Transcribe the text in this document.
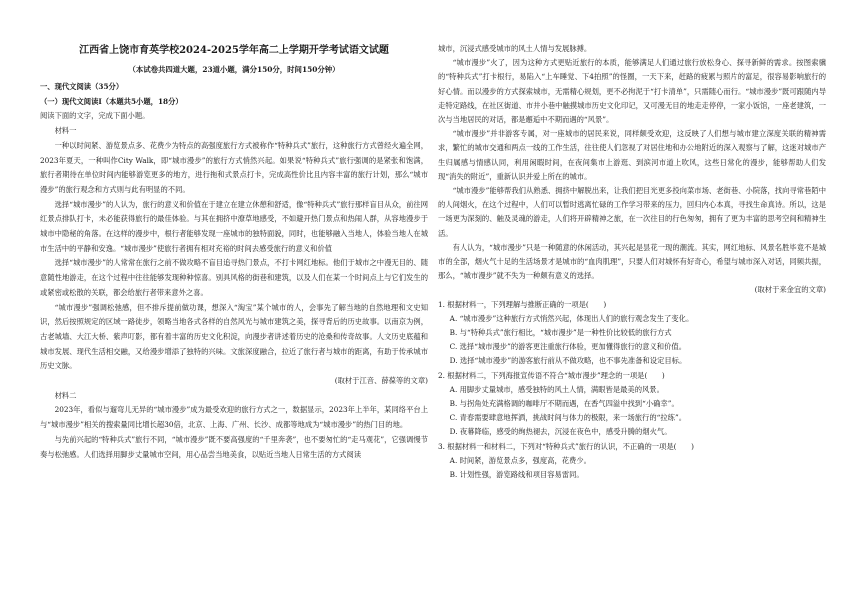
江西省上饶市育英学校2024-2025学年高二上学期开学考试语文试题
（本试卷共四道大题，23道小题，满分150分，时间150分钟）

一、现代文阅读（35分）

（一）现代文阅读Ⅰ（本题共5小题，18分）

阅读下面的文字，完成下面小题。

材料一

一种以时间紧、游览景点多、花费少为特点的高强度旅行方式被称作“特种兵式”旅行，这种旅行方式曾经火遍全网，2023年夏天，一种叫作City Walk，即“城市漫步”的旅行方式悄然兴起。如果说“特种兵式”旅行强调的是紧张和饱满，旅行者期待在单位时间内能够游览更多的地方，进行拖和式景点打卡，完成高性价比且内容丰富的旅行计划，那么“城市漫步”的旅行观念和方式则与此有明显的不同。

选择“城市漫步”的人认为，旅行的意义和价值在于建立在建立休憩和舒适，像“特种兵式”旅行那样盲目从众，前往网红景点排队打卡，未必能获得旅行的最佳体验。与其在拥挤中潦草地感受，不如避开热门景点和热闹人群，从容地漫步于城市中隐秘的角落。在这样的漫步中，根行者能够发现一座城市的独特面貌，同时，也能够融入当地人，体验当地人在城市生活中的平静和安逸。“城市漫步”使旅行者拥有相对充裕的时间去感受旅行的意义和价值

选择“城市漫步”的人常常在旅行之前不做攻略不盲目追寻热门景点，不打卡网红地标。他们于城市之中漫无目的、随意随性地游走，在这个过程中往往能够发现种种惊喜。别具风格的街巷和建筑，以及人们在某一个时间点上与它们发生的或紧密或松散的关联，都会给旅行者带来意外之喜。

“城市漫步”强调松弛感，但不排斥提前做功课，想深入“淘宝”某个城市的人，会事先了解当地的自然地理和文史知识，然后按照规定的区域一路徒步，领略当地各式各样的自然风光与城市建筑之美，探寻背后的历史故事。以南京为例，古老城墙、大江大桥、紫声叮影，都有着丰富的历史文化积淀，向漫步者讲述着历史的沧桑和传奇故事。人文历史底蕴和城市发展、现代生活相交融，又给漫步增添了独特的兴味。文旅深度融合，拉近了旅行者与城市的距离，有助于传承城市历史文脉。

(取材于江音、薛葆等的文章)

材料二

2023年，看似与遛弯儿无异的“城市漫步”成为最受欢迎的旅行方式之一，数据显示，2023年上半年，某同络平台上与“城市漫步”相关的搜索量同比增长超30倍，北京、上海、广州、长沙、成都等地成为“城市漫步”的热门目的地。

与先前兴起的“特种兵式”旅行不同，“城市漫步”既不要高强度的“千里奔袭”，也不要匆忙的“走马观花”，它强调慢节奏与松弛感。人们选择用脚步丈量城市空间，用心品尝当地美食，以贴近当地人日常生活的方式阅读

城市，沉浸式感受城市的风土人情与发展脉搏。

“城市漫步”火了，因为这种方式更贴近旅行的本质，能够满足人们通过旅行放松身心、探寻新鲜的需求。按图索骥的“特种兵式”打卡根行，易陷入“上车睡觉、下4拍照”的怪圈，一天下来，赶路的疲累与照片的富足，很容易影响旅行的好心情。而以漫步的方式探索城市，无需精心规划，更不必拘泥于“打卡清单”，只需随心而行。“城市漫步”既可跟随内导走特定路线，在社区街道、市井小巷中触摸城市历史文化印记，又可漫无目的地走走停停，一家小饭馆，一座老建筑，一次与当地居民的对话，都是邂逅中不期而遇的“风景”。

“城市漫步”并非游客专属，对一座城市的居民来说，同样颇受欢迎，这反映了人们想与城市建立深度关联的精神需求，繁忙的城市交通和两点一线的工作生活，往往使人们忽视了对居住地和办公地附近的深入观察与了解，这迷对城市产生归属感与情感认同，利用闲暇时间，在夜间集市上游逛、到滨河市道上吹风，这些日常化的漫步，能够帮助人们发现“消失的附近”，重新认识并爱上所在的城市。

“城市漫步”能够帮我们从熟悉、拥挤中解脱出来，让我们把目光更多投向菜市场、老街巷、小院落，找向寻常巷陌中的人间烟火，在这个过程中，人们可以暂时逃离忙碌的工作学习带来的压力，回归内心本真，寻找生命真诗。所以，这是一场更为深刻的、触及灵魂的游走，人们将开辟精神之旅，在一次往目的行色匆匆，拥有了更为丰富的思考空间和精神生活。

有人认为，“城市漫步”只是一种随意的休闲活动，其兴起是昙花一现的潮流。其实，网红地标、风景名胜毕竟不是城市的全部，烟火气十足的生活场景才是城市的“血肉肌理”，只要人们对城怀有好奇心，希望与城市深入对话，同频共振，那么，“城市漫步”就不失为一种颇有意义的选择。

(取材于来金宜的文章)

1. 根据材料一，下列理解与推断正确的一项是(　　)

A. “城市漫步”这种旅行方式悄然兴起，体现出人们的旅行观念发生了变化。

B. 与“特种兵式”旅行相比，“城市漫步”是一种性价比较低的旅行方式

C. 选择“城市漫步”的游客更注重旅行体验，更加懂得旅行的意义和价值。

D. 选择“城市漫步”的游客旅行前从不做攻略，也不事先准备和设定目标。

2. 根据材料二，下列海报宣传语不符合“城市漫步”理念的一项是(　　)

A. 用脚步丈量城市，感受独特的风土人情，满眼皆是最美的风景。

B. 与拐角处充满格调的咖啡厅不期而遇，在香气四溢中找到“小确幸”。

C. 青春需要肆意地挥洒，挑战时间与体力的极限，来一场旅行的“拉练”。

D. 夜幕降临，感受的绚热褪去，沉浸在夜色中，感受升腾的烟火气。

3. 根据材料一和材料二，下列对“特种兵式”旅行的认识，不正确的一项是(　　)

A. 时间紧，游览景点多，强度高，花费少。

B. 计划性强，游览路线和项目容易雷同。
